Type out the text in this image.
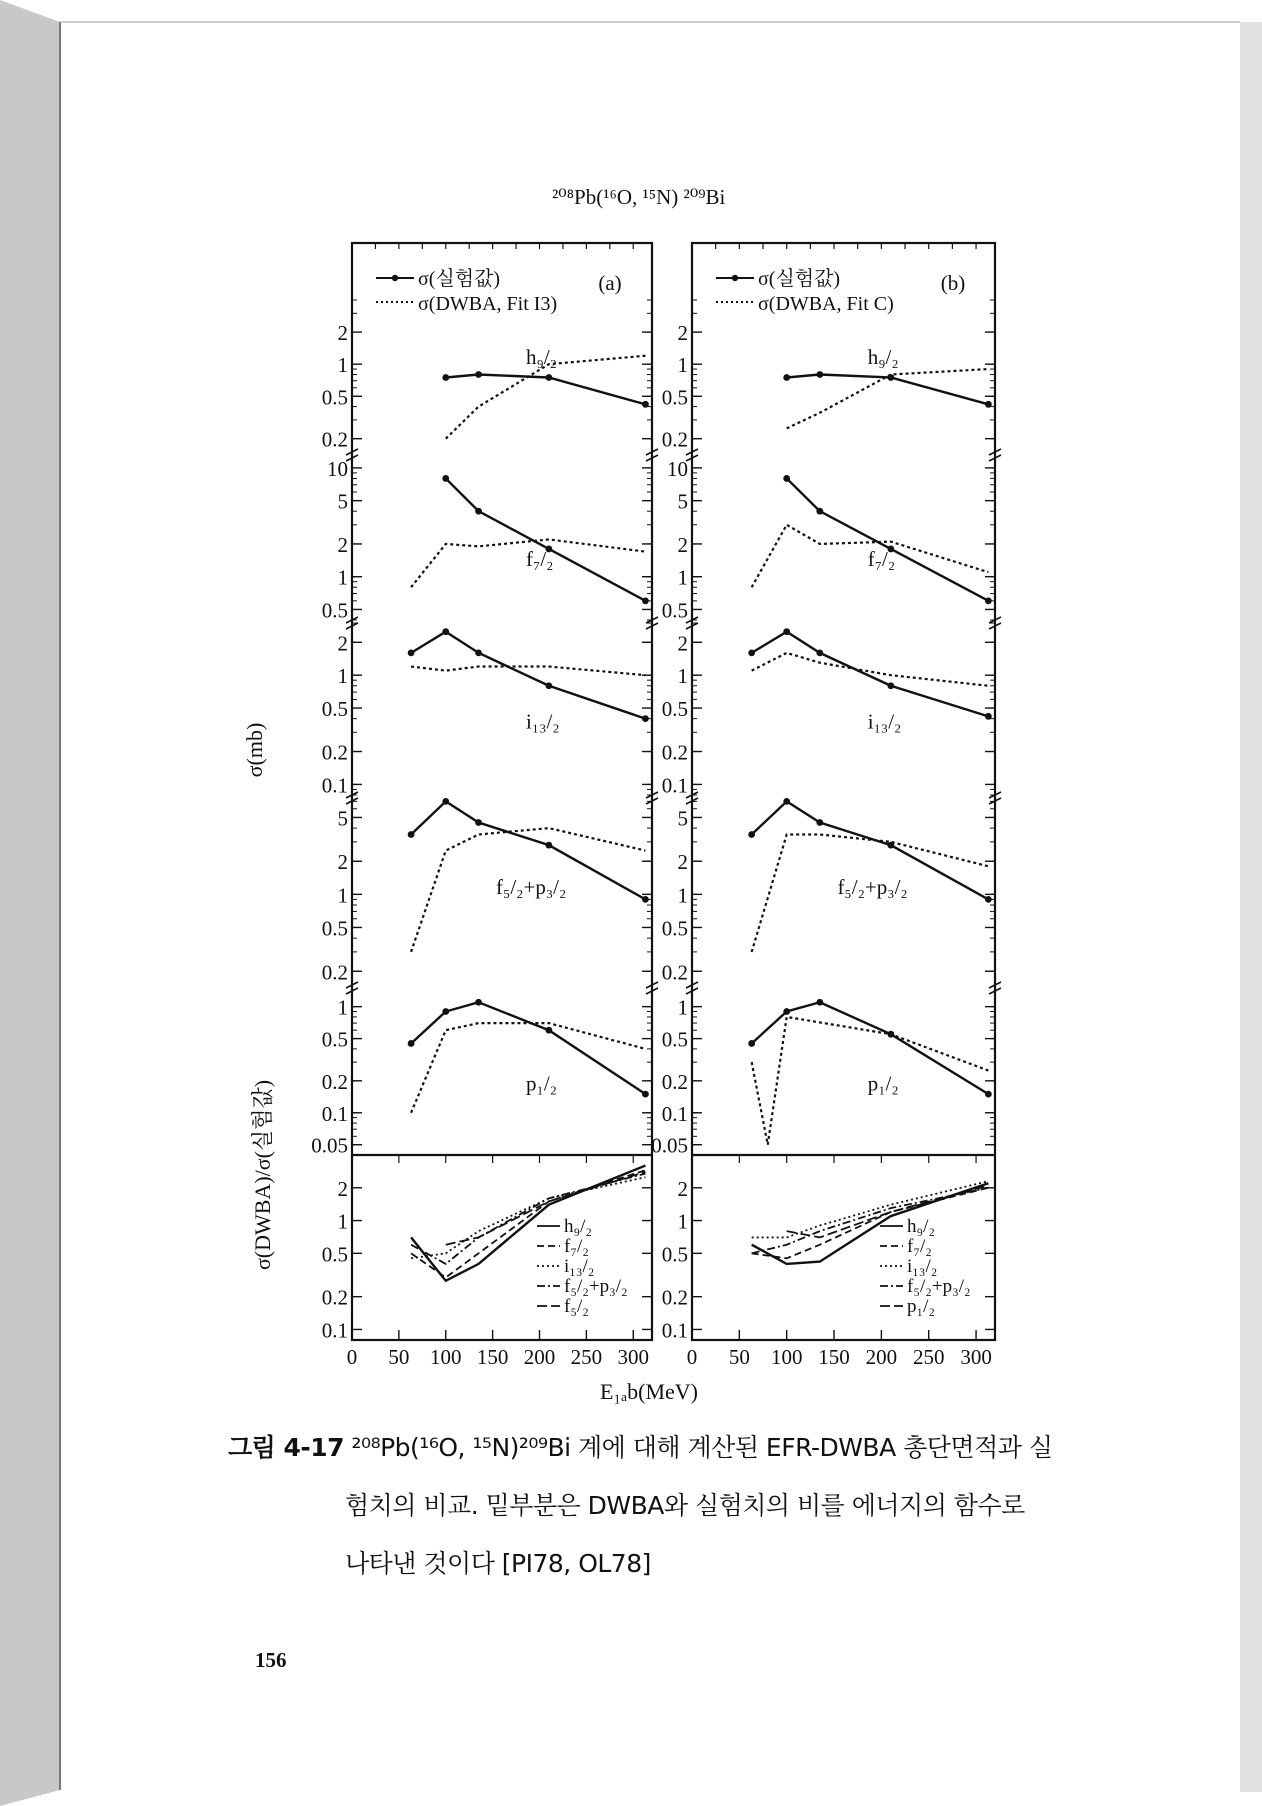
(a)
σ(실험값)
σ(DWBA, Fit I3)
2
1
0.5
0.2
h₉/₂
10
5
2
1
0.5
f₇/₂
2
1
0.5
0.2
0.1
i₁₃/₂
5
2
1
0.5
0.2
f₅/₂+p₃/₂
1
0.5
0.2
0.1
0.05
p₁/₂
2
1
0.5
0.2
0.1
h₉/₂
f₇/₂
i₁₃/₂
f₅/₂+p₃/₂
f₅/₂
0 50 100 150 200 250 300
(b)
σ(실험값)
σ(DWBA, Fit C)
2
1
0.5
0.2
h₉/₂
10
5
2
1
0.5
f₇/₂
2
1
0.5
0.2
0.1
i₁₃/₂
5
2
1
0.5
0.2
f₅/₂+p₃/₂
1
0.5
0.2
0.1
0.05
p₁/₂
2
1
0.5
0.2
0.1
h₉/₂
f₇/₂
i₁₃/₂
f₅/₂+p₃/₂
p₁/₂
0 50 100 150 200 250 300
σ(mb)
σ(DWBA)/σ(실험값)
²⁰⁸Pb(¹⁶O, ¹⁵N) ²⁰⁹Bi
E₁ₐb(MeV)
그림 4-17 ²⁰⁸Pb(¹⁶O, ¹⁵N)²⁰⁹Bi 계에 대해 계산된 EFR-DWBA 총단면적과 실
험치의 비교. 밑부분은 DWBA와 실험치의 비를 에너지의 함수로
나타낸 것이다 [PI78, OL78]
156
